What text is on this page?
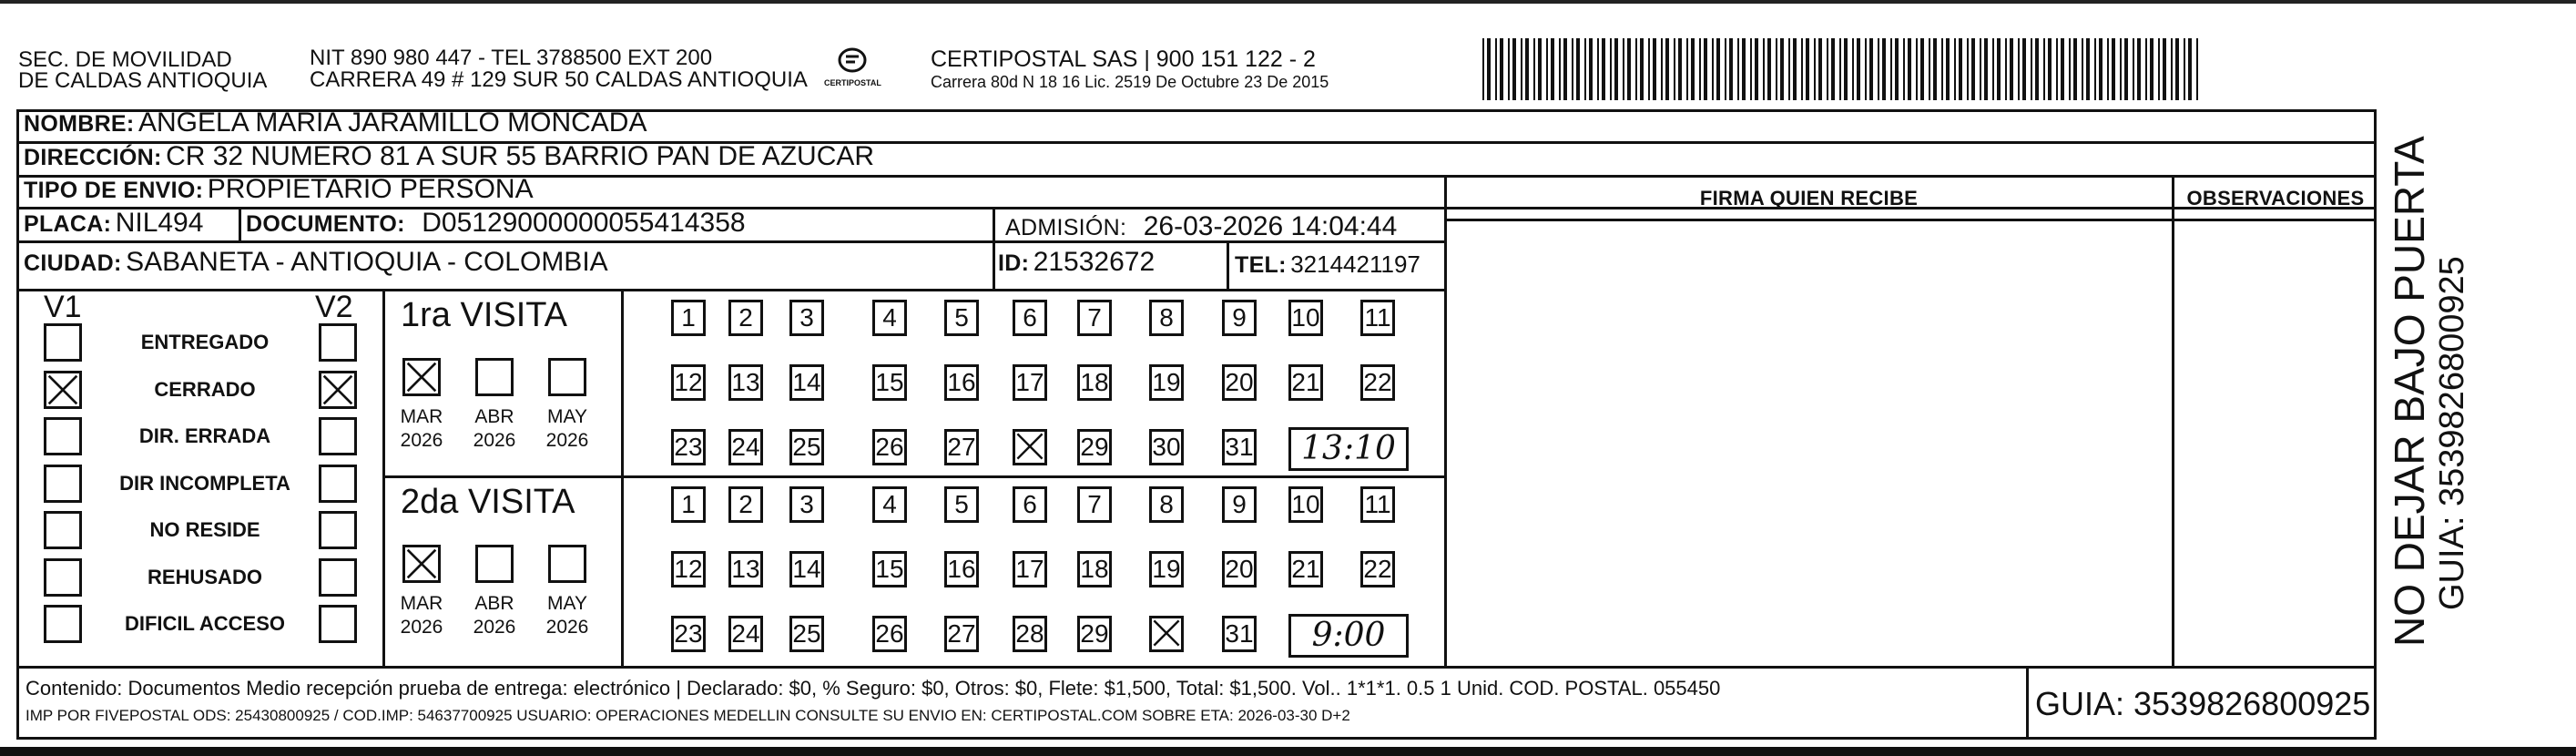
SEC. DE MOVILIDAD
DE CALDAS ANTIOQUIA
NIT 890 980 447 - TEL 3788500 EXT 200
CARRERA 49 # 129 SUR 50 CALDAS ANTIOQUIA CERTIPOSTAL
CERTIPOSTAL SAS | 900 151 122 - 2
Carrera 80d N 18 16 Lic. 2519 De Octubre 23 De 2015
NOMBRE: ANGELA MARIA JARAMILLO MONCADA
DIRECCIÓN: CR 32 NUMERO 81 A SUR 55 BARRIO PAN DE AZUCAR
TIPO DE ENVIO: PROPIETARIO PERSONA
PLACA: NIL494 DOCUMENTO: D05129000000055414358	ADMISIÓN: 26-03-2026 14:04:44
CIUDAD: SABANETA - ANTIOQUIA - COLOMBIA	ID: 21532672	TEL: 3214421197
FIRMA QUIEN RECIBE	OBSERVACIONES
V1	V2
ENTREGADO
CERRADO
DIR. ERRADA
DIR INCOMPLETA
NO RESIDE
REHUSADO
DIFICIL ACCESO
1ra VISITA
MAR
2026
ABR
2026
MAY
2026
1	2	3	4	5	6	7	8	9	10 11
12 13 14 15 16 17 18 19 20 21 22
23 24 25 26 27	29 30 31	13:10
2da VISITA
MAR
2026
ABR
2026
MAY
2026
1	2	3	4	5	6	7	8	9	10 11
12 13 14 15 16 17 18 19 20 21 22
23 24 25 26 27 28 29	31	9:00
Contenido: Documentos Medio recepción prueba de entrega: electrónico | Declarado: $0, % Seguro: $0, Otros: $0, Flete: $1,500, Total: $1,500. Vol.. 1*1*1. 0.5 1 Unid. COD. POSTAL. 055450
IMP POR FIVEPOSTAL ODS: 25430800925 / COD.IMP: 54637700925 USUARIO: OPERACIONES MEDELLIN CONSULTE SU ENVIO EN: CERTIPOSTAL.COM SOBRE ETA: 2026-03-30 D+2	GUIA: 3539826800925
NO DEJAR BAJO PUERTA GUIA: 3539826800925
